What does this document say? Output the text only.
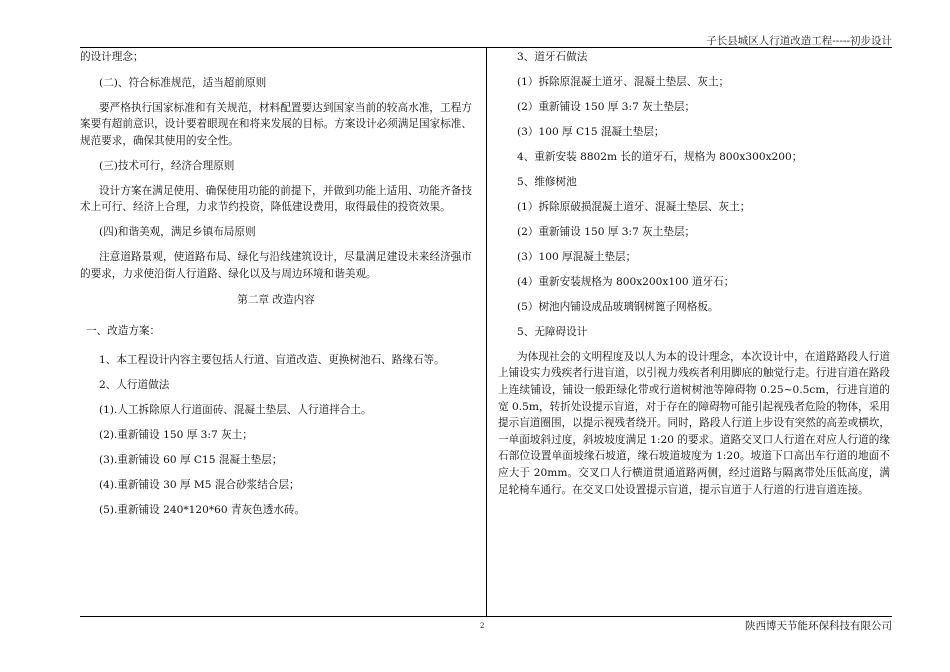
子长县城区人行道改造工程-----初步设计

的设计理念；

(二)、符合标准规范，适当超前原则

要严格执行国家标准和有关规范，材料配置要达到国家当前的较高水准，工程方案要有超前意识，设计要着眼现在和将来发展的目标。方案设计必须满足国家标准、规范要求，确保其使用的安全性。

(三)技术可行，经济合理原则

设计方案在满足使用、确保使用功能的前提下，并做到功能上适用、功能齐备技术上可行、经济上合理，力求节约投资，降低建设费用，取得最佳的投资效果。

(四)和谐美观，满足乡镇布局原则

注意道路景观，使道路布局、绿化与沿线建筑设计，尽量满足建设未来经济强市的要求，力求使沿街人行道路、绿化以及与周边环境和谐美观。

第二章 改造内容

一、改造方案：

1、本工程设计内容主要包括人行道、盲道改造、更换树池石、路缘石等。

2、人行道做法

(1).人工拆除原人行道面砖、混凝土垫层、人行道拌合土。

(2).重新铺设 150 厚 3:7 灰土；

(3).重新铺设 60 厚 C15 混凝土垫层；

(4).重新铺设 30 厚 M5 混合砂浆结合层；

(5).重新铺设 240*120*60 青灰色透水砖。

3、道牙石做法

(1）拆除原混凝土道牙、混凝土垫层、灰土；

(2）重新铺设 150 厚 3:7 灰土垫层；

(3）100 厚 C15 混凝土垫层；

4、重新安装 8802m 长的道牙石，规格为 800x300x200；

5、维修树池

(1）拆除原破损混凝土道牙、混凝土垫层、灰土；

(2）重新铺设 150 厚 3:7 灰土垫层；

(3）100 厚混凝土垫层；

(4）重新安装规格为 800x200x100 道牙石；

(5）树池内铺设成品玻璃钢树篦子网格板。

5、无障碍设计

为体现社会的文明程度及以人为本的设计理念，本次设计中，在道路路段人行道上铺设实力残疾者行进盲道，以引视力残疾者利用脚底的触觉行走。行进盲道在路段上连续铺设，铺设一般距绿化带或行道树树池等障碍物 0.25~0.5cm，行进盲道的宽 0.5m，转折处设提示盲道，对于存在的障碍物可能引起视残者危险的物体，采用提示盲道圈围，以提示视残者绕开。同时，路段人行道上步设有突然的高差或横坎，一单面坡斜过度，斜坡坡度满足 1:20 的要求。道路交叉口人行道在对应人行道的缘石部位设置单面坡缘石坡道，缘石坡道坡度为 1:20。坡道下口高出车行道的地面不应大于 20mm。交叉口人行横道贯通道路两侧，经过道路与隔离带处压低高度，满足轮椅车通行。在交叉口处设置提示盲道，提示盲道于人行道的行进盲道连接。

2	陕西博天节能环保科技有限公司
